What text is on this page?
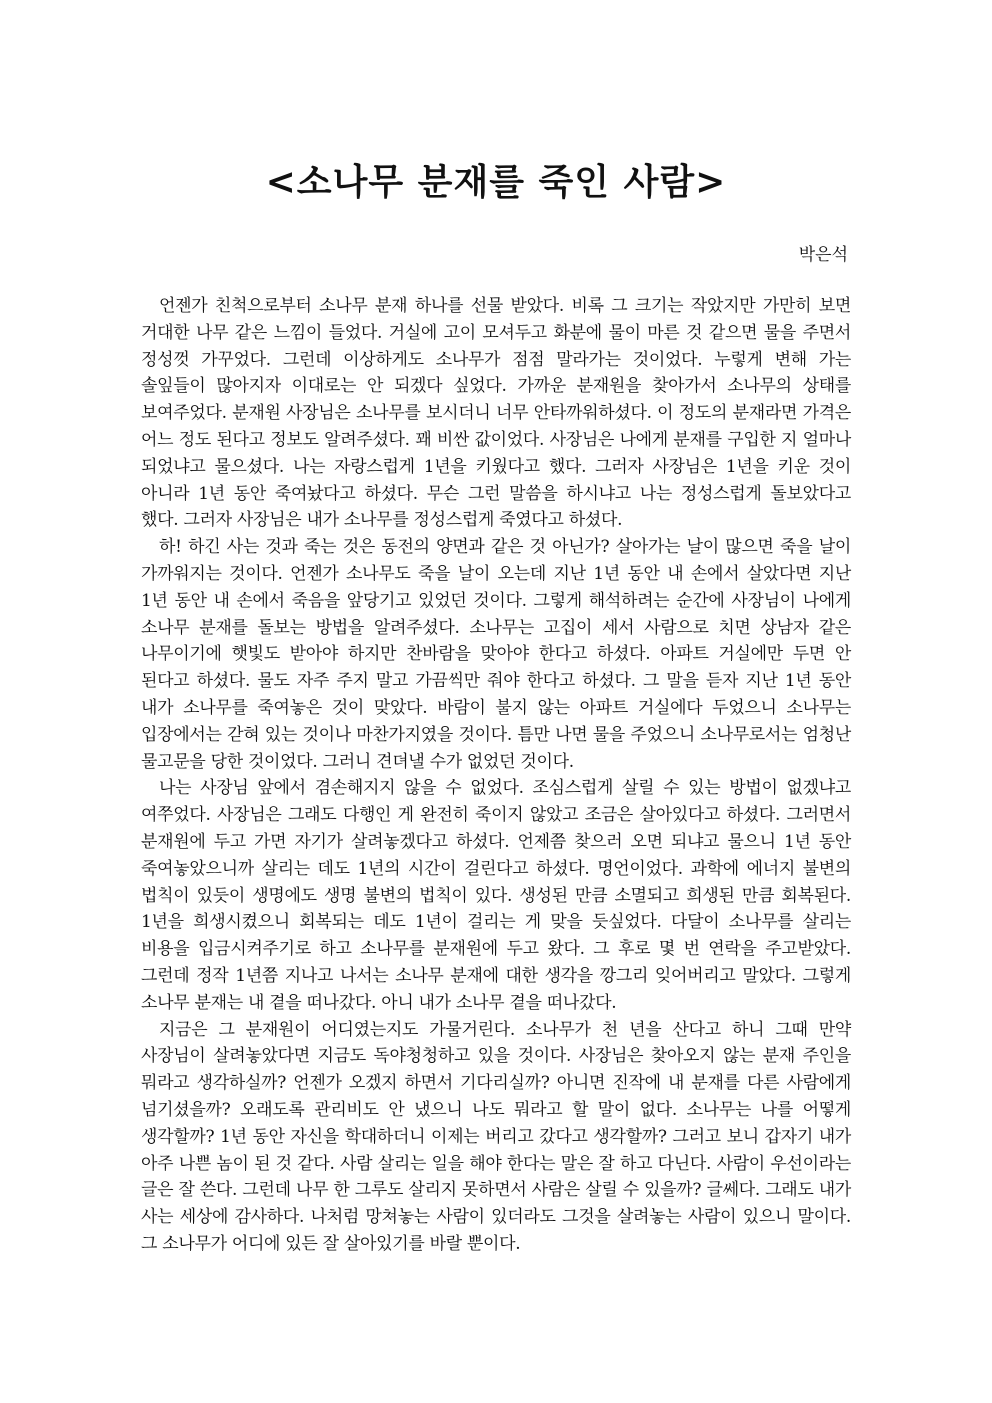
<소나무 분재를 죽인 사람>

박은석

언젠가 친척으로부터 소나무 분재 하나를 선물 받았다. 비록 그 크기는 작았지만 가만히 보면 거대한 나무 같은 느낌이 들었다. 거실에 고이 모셔두고 화분에 물이 마른 것 같으면 물을 주면서 정성껏 가꾸었다. 그런데 이상하게도 소나무가 점점 말라가는 것이었다. 누렇게 변해 가는 솔잎들이 많아지자 이대로는 안 되겠다 싶었다. 가까운 분재원을 찾아가서 소나무의 상태를 보여주었다. 분재원 사장님은 소나무를 보시더니 너무 안타까워하셨다. 이 정도의 분재라면 가격은 어느 정도 된다고 정보도 알려주셨다. 꽤 비싼 값이었다. 사장님은 나에게 분재를 구입한 지 얼마나 되었냐고 물으셨다. 나는 자랑스럽게 1년을 키웠다고 했다. 그러자 사장님은 1년을 키운 것이 아니라 1년 동안 죽여놨다고 하셨다. 무슨 그런 말씀을 하시냐고 나는 정성스럽게 돌보았다고 했다. 그러자 사장님은 내가 소나무를 정성스럽게 죽였다고 하셨다.

하! 하긴 사는 것과 죽는 것은 동전의 양면과 같은 것 아닌가? 살아가는 날이 많으면 죽을 날이 가까워지는 것이다. 언젠가 소나무도 죽을 날이 오는데 지난 1년 동안 내 손에서 살았다면 지난 1년 동안 내 손에서 죽음을 앞당기고 있었던 것이다. 그렇게 해석하려는 순간에 사장님이 나에게 소나무 분재를 돌보는 방법을 알려주셨다. 소나무는 고집이 세서 사람으로 치면 상남자 같은 나무이기에 햇빛도 받아야 하지만 찬바람을 맞아야 한다고 하셨다. 아파트 거실에만 두면 안 된다고 하셨다. 물도 자주 주지 말고 가끔씩만 줘야 한다고 하셨다. 그 말을 듣자 지난 1년 동안 내가 소나무를 죽여놓은 것이 맞았다. 바람이 불지 않는 아파트 거실에다 두었으니 소나무는 입장에서는 갇혀 있는 것이나 마찬가지였을 것이다. 틈만 나면 물을 주었으니 소나무로서는 엄청난 물고문을 당한 것이었다. 그러니 견뎌낼 수가 없었던 것이다.

나는 사장님 앞에서 겸손해지지 않을 수 없었다. 조심스럽게 살릴 수 있는 방법이 없겠냐고 여쭈었다. 사장님은 그래도 다행인 게 완전히 죽이지 않았고 조금은 살아있다고 하셨다. 그러면서 분재원에 두고 가면 자기가 살려놓겠다고 하셨다. 언제쯤 찾으러 오면 되냐고 물으니 1년 동안 죽여놓았으니까 살리는 데도 1년의 시간이 걸린다고 하셨다. 명언이었다. 과학에 에너지 불변의 법칙이 있듯이 생명에도 생명 불변의 법칙이 있다. 생성된 만큼 소멸되고 희생된 만큼 회복된다. 1년을 희생시켰으니 회복되는 데도 1년이 걸리는 게 맞을 듯싶었다. 다달이 소나무를 살리는 비용을 입금시켜주기로 하고 소나무를 분재원에 두고 왔다. 그 후로 몇 번 연락을 주고받았다. 그런데 정작 1년쯤 지나고 나서는 소나무 분재에 대한 생각을 깡그리 잊어버리고 말았다. 그렇게 소나무 분재는 내 곁을 떠나갔다. 아니 내가 소나무 곁을 떠나갔다.

지금은 그 분재원이 어디였는지도 가물거린다. 소나무가 천 년을 산다고 하니 그때 만약 사장님이 살려놓았다면 지금도 독야청청하고 있을 것이다. 사장님은 찾아오지 않는 분재 주인을 뭐라고 생각하실까? 언젠가 오겠지 하면서 기다리실까? 아니면 진작에 내 분재를 다른 사람에게 넘기셨을까? 오래도록 관리비도 안 냈으니 나도 뭐라고 할 말이 없다. 소나무는 나를 어떻게 생각할까? 1년 동안 자신을 학대하더니 이제는 버리고 갔다고 생각할까? 그러고 보니 갑자기 내가 아주 나쁜 놈이 된 것 같다. 사람 살리는 일을 해야 한다는 말은 잘 하고 다닌다. 사람이 우선이라는 글은 잘 쓴다. 그런데 나무 한 그루도 살리지 못하면서 사람은 살릴 수 있을까? 글쎄다. 그래도 내가 사는 세상에 감사하다. 나처럼 망쳐놓는 사람이 있더라도 그것을 살려놓는 사람이 있으니 말이다. 그 소나무가 어디에 있든 잘 살아있기를 바랄 뿐이다.
